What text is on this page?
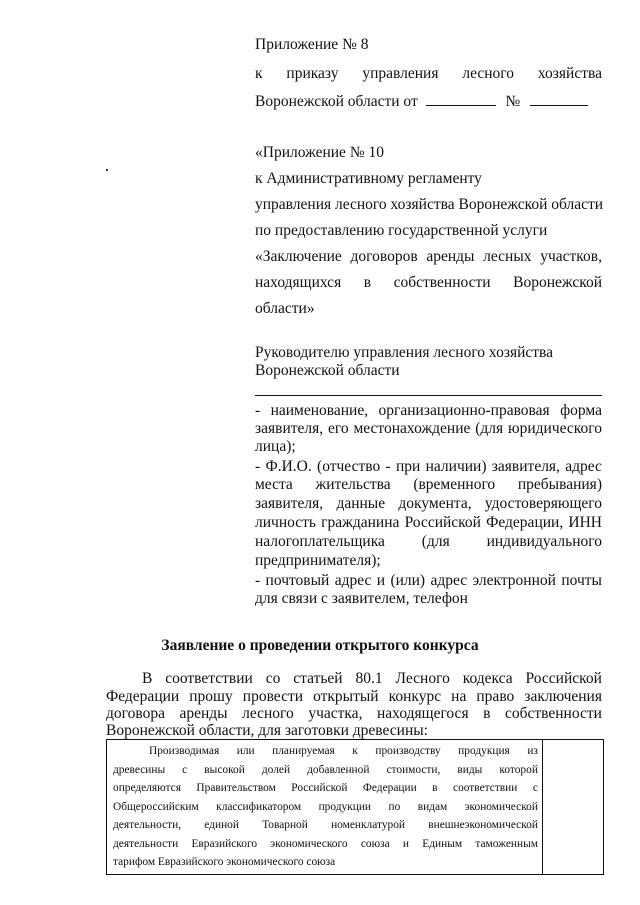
Приложение № 8
к приказу управления лесного хозяйства
Воронежской области от	№
«Приложение № 10
к Административному регламенту
управления лесного хозяйства Воронежской области
по предоставлению государственной услуги
«Заключение договоров аренды лесных участков,
находящихся в собственности Воронежской
области»
Руководителю управления лесного хозяйства
Воронежской области
- наименование, организационно-правовая форма
заявителя, его местонахождение (для юридического
лица);
- Ф.И.О. (отчество - при наличии) заявителя, адрес
места жительства (временного пребывания)
заявителя, данные документа, удостоверяющего
личность гражданина Российской Федерации, ИНН
налогоплательщика (для индивидуального
предпринимателя);
- почтовый адрес и (или) адрес электронной почты
для связи с заявителем, телефон
Заявление о проведении открытого конкурса
В соответствии со статьей 80.1 Лесного кодекса Российской
Федерации прошу провести открытый конкурс на право заключения
договора аренды лесного участка, находящегося в собственности
Воронежской области, для заготовки древесины:
Производимая или планируемая к производству продукция из
древесины с высокой долей добавленной стоимости, виды которой
определяются Правительством Российской Федерации в соответствии с
Общероссийским классификатором продукции по видам экономической
деятельности, единой Товарной номенклатурой внешнеэкономической
деятельности Евразийского экономического союза и Единым таможенным
тарифом Евразийского экономического союза
